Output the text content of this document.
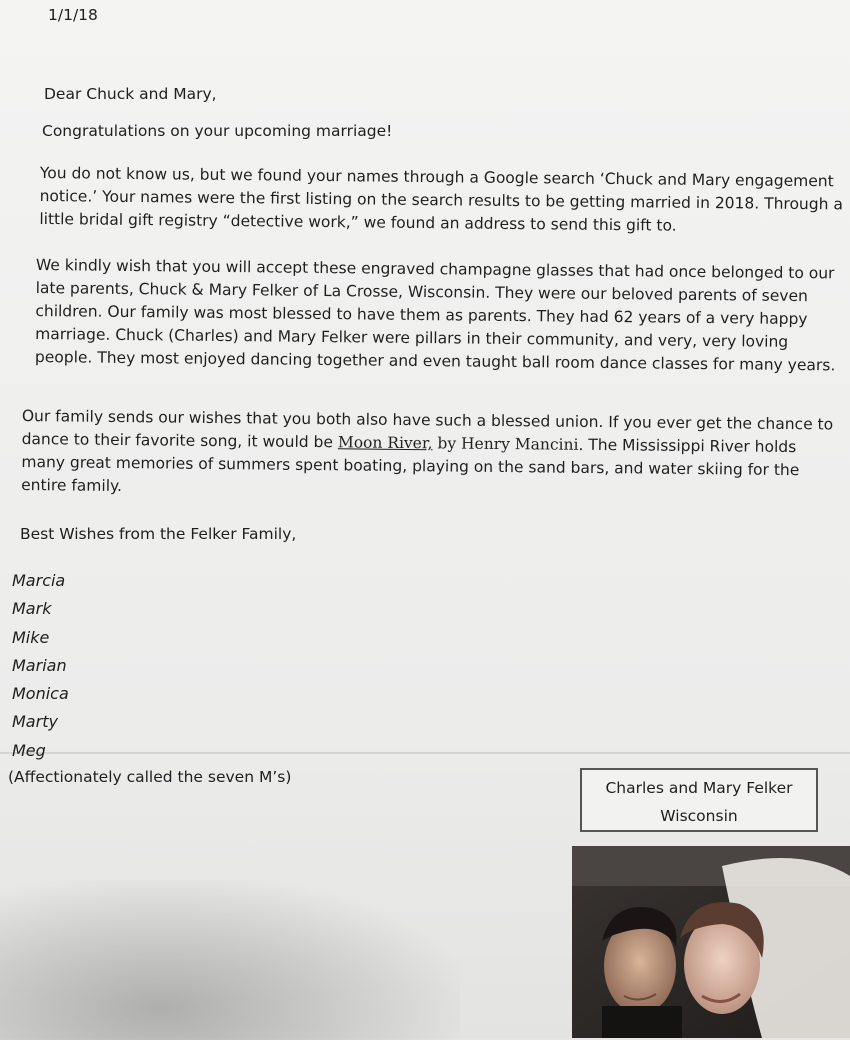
1/1/18
Dear Chuck and Mary,
Congratulations on your upcoming marriage!
You do not know us, but we found your names through a Google search ‘Chuck and Mary engagement
notice.’ Your names were the first listing on the search results to be getting married in 2018. Through a
little bridal gift registry “detective work,” we found an address to send this gift to.
We kindly wish that you will accept these engraved champagne glasses that had once belonged to our
late parents, Chuck & Mary Felker of La Crosse, Wisconsin. They were our beloved parents of seven
children. Our family was most blessed to have them as parents. They had 62 years of a very happy
marriage. Chuck (Charles) and Mary Felker were pillars in their community, and very, very loving
people. They most enjoyed dancing together and even taught ball room dance classes for many years.
Our family sends our wishes that you both also have such a blessed union. If you ever get the chance to
dance to their favorite song, it would be Moon River, by Henry Mancini. The Mississippi River holds
many great memories of summers spent boating, playing on the sand bars, and water skiing for the
entire family.
Best Wishes from the Felker Family,
Marcia
Mark
Mike
Marian
Monica
Marty
Meg
(Affectionately called the seven M’s)
Charles and Mary Felker
Wisconsin
